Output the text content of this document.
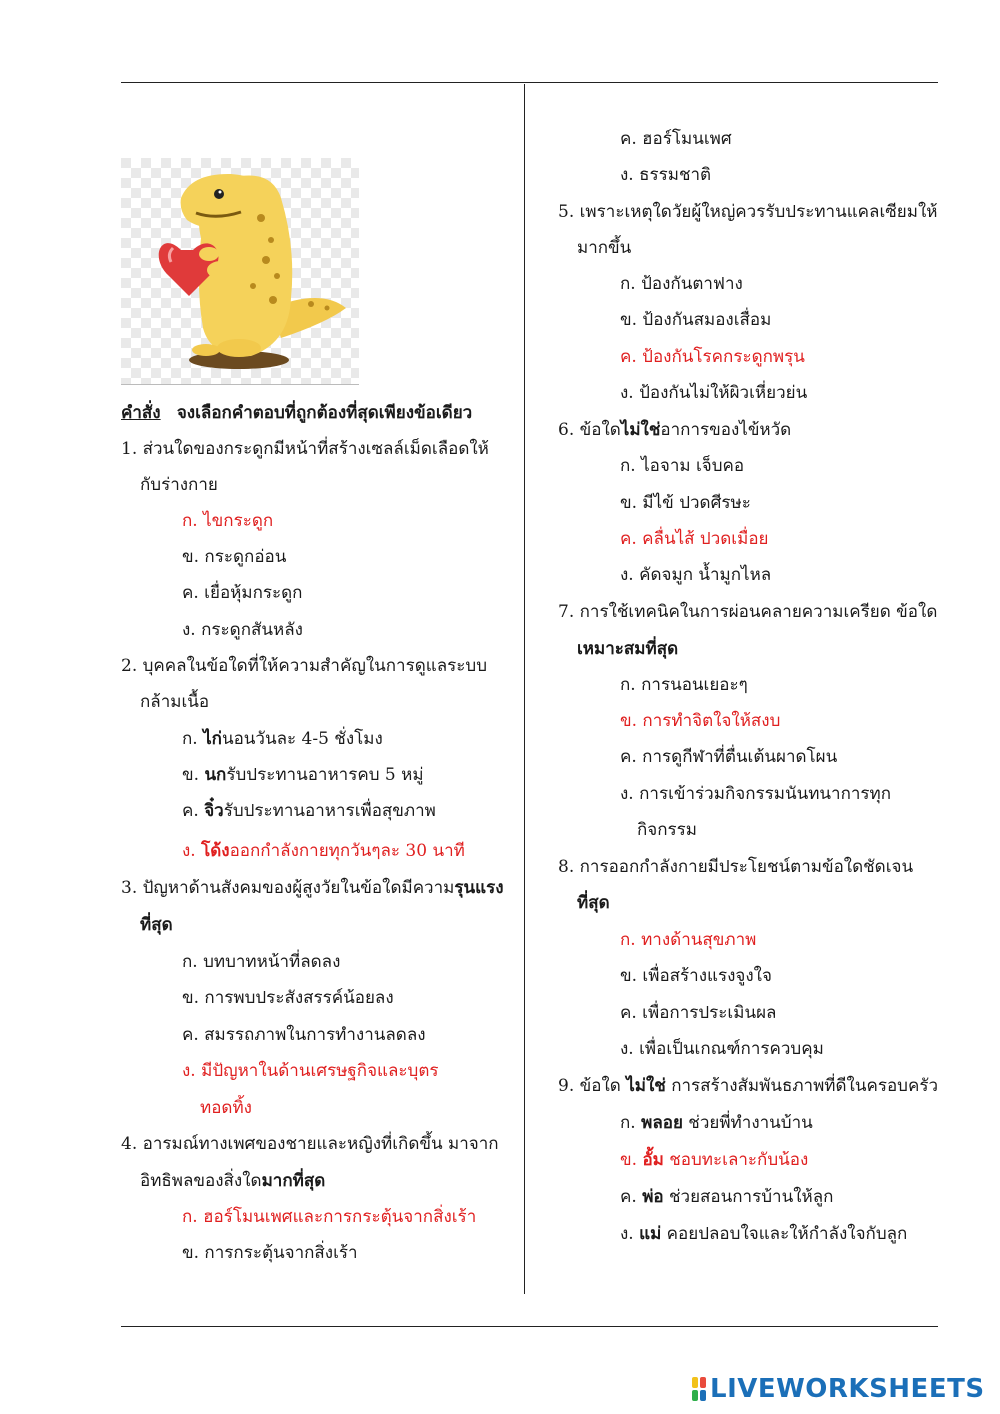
คำสั่ง จงเลือกคำตอบที่ถูกต้องที่สุดเพียงข้อเดียว
1. ส่วนใดของกระดูกมีหน้าที่สร้างเซลล์เม็ดเลือดให้
กับร่างกาย
ก. ไขกระดูก
ข. กระดูกอ่อน
ค. เยื่อหุ้มกระดูก
ง. กระดูกสันหลัง
2. บุคคลในข้อใดที่ให้ความสำคัญในการดูแลระบบ
กล้ามเนื้อ
ก. ไก่นอนวันละ 4-5 ชั่งโมง
ข. นกรับประทานอาหารคบ 5 หมู่
ค. จิ๋วรับประทานอาหารเพื่อสุขภาพ
ง. โด้งออกกำลังกายทุกวันๆละ 30 นาที
3. ปัญหาด้านสังคมของผู้สูงวัยในข้อใดมีความรุนแรง
ที่สุด
ก. บทบาทหน้าที่ลดลง
ข. การพบประสังสรรค์น้อยลง
ค. สมรรถภาพในการทำงานลดลง
ง. มีปัญหาในด้านเศรษฐกิจและบุตร
ทอดทิ้ง
4. อารมณ์ทางเพศของชายและหญิงที่เกิดขึ้น มาจาก
อิทธิพลของสิ่งใดมากที่สุด
ก. ฮอร์โมนเพศและการกระตุ้นจากสิ่งเร้า
ข. การกระตุ้นจากสิ่งเร้า
ค. ฮอร์โมนเพศ
ง. ธรรมชาติ
5. เพราะเหตุใดวัยผู้ใหญ่ควรรับประทานแคลเซียมให้
มากขึ้น
ก. ป้องกันตาฟาง
ข. ป้องกันสมองเสื่อม
ค. ป้องกันโรคกระดูกพรุน
ง. ป้องกันไม่ให้ผิวเหี่ยวย่น
6. ข้อใดไม่ใช่อาการของไข้หวัด
ก. ไอจาม เจ็บคอ
ข. มีไข้ ปวดศีรษะ
ค. คลื่นไส้ ปวดเมื่อย
ง. คัดจมูก น้ำมูกไหล
7. การใช้เทคนิคในการผ่อนคลายความเครียด ข้อใด
เหมาะสมที่สุด
ก. การนอนเยอะๆ
ข. การทำจิตใจให้สงบ
ค. การดูกีฬาที่ตื่นเต้นผาดโผน
ง. การเข้าร่วมกิจกรรมนันทนาการทุก
กิจกรรม
8. การออกกำลังกายมีประโยชน์ตามข้อใดชัดเจน
ที่สุด
ก. ทางด้านสุขภาพ
ข. เพื่อสร้างแรงจูงใจ
ค. เพื่อการประเมินผล
ง. เพื่อเป็นเกณฑ์การควบคุม
9. ข้อใด ไม่ใช่ การสร้างสัมพันธภาพที่ดีในครอบครัว
ก. พลอย ช่วยพี่ทำงานบ้าน
ข. อั้ม ชอบทะเลาะกับน้อง
ค. พ่อ ช่วยสอนการบ้านให้ลูก
ง. แม่ คอยปลอบใจและให้กำลังใจกับลูก
LIVEWORKSHEETS
